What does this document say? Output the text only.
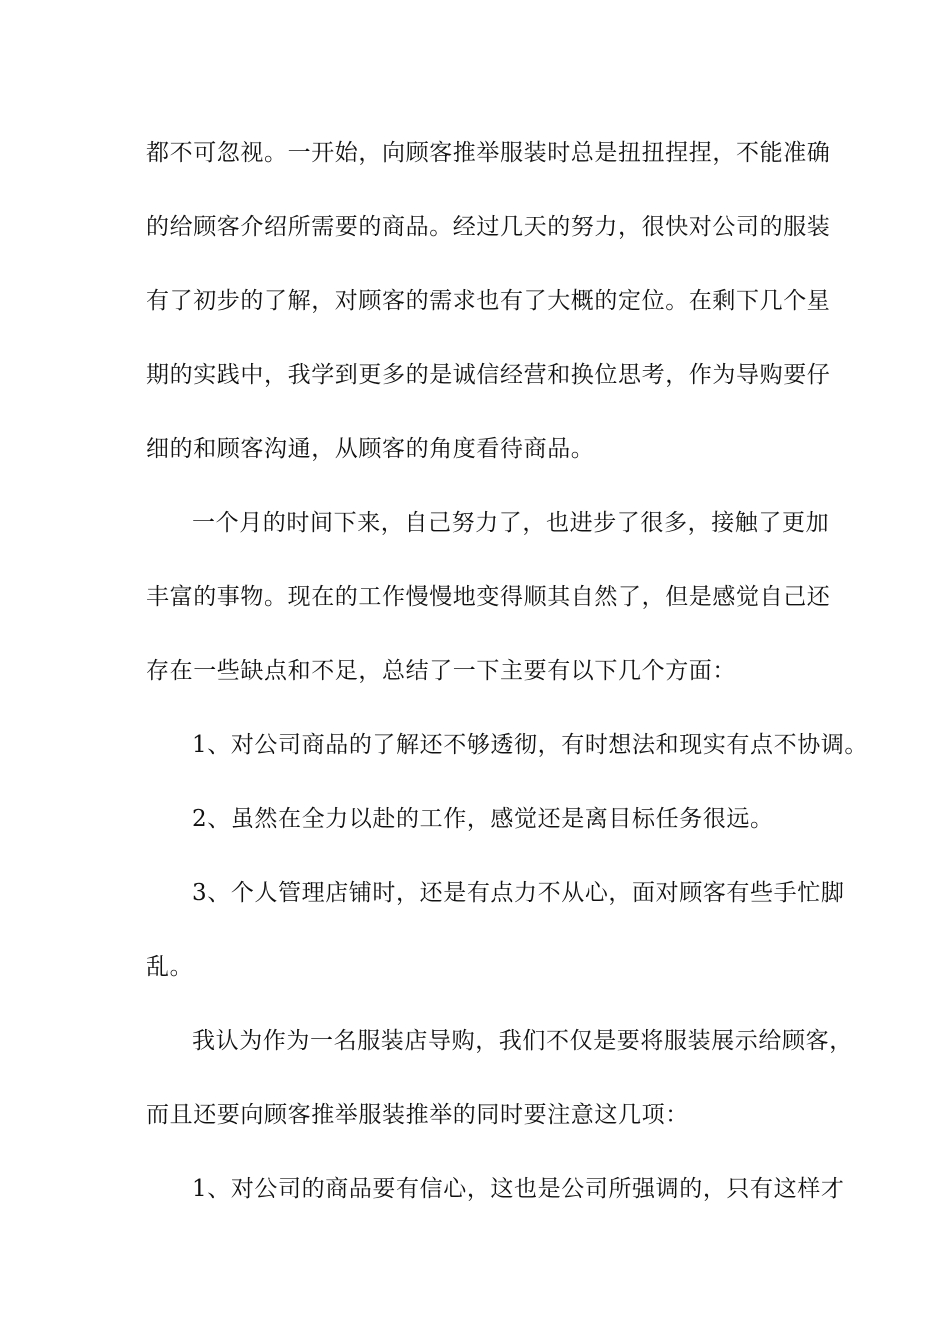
都不可忽视。一开始，向顾客推举服装时总是扭扭捏捏，不能准确
的给顾客介绍所需要的商品。经过几天的努力，很快对公司的服装
有了初步的了解，对顾客的需求也有了大概的定位。在剩下几个星
期的实践中，我学到更多的是诚信经营和换位思考，作为导购要仔
细的和顾客沟通，从顾客的角度看待商品。
一个月的时间下来，自己努力了，也进步了很多，接触了更加
丰富的事物。现在的工作慢慢地变得顺其自然了，但是感觉自己还
存在一些缺点和不足，总结了一下主要有以下几个方面：
1、对公司商品的了解还不够透彻，有时想法和现实有点不协调。
2、虽然在全力以赴的工作，感觉还是离目标任务很远。
3、个人管理店铺时，还是有点力不从心，面对顾客有些手忙脚
乱。
我认为作为一名服装店导购，我们不仅是要将服装展示给顾客，
而且还要向顾客推举服装推举的同时要注意这几项：
1、对公司的商品要有信心，这也是公司所强调的，只有这样才
